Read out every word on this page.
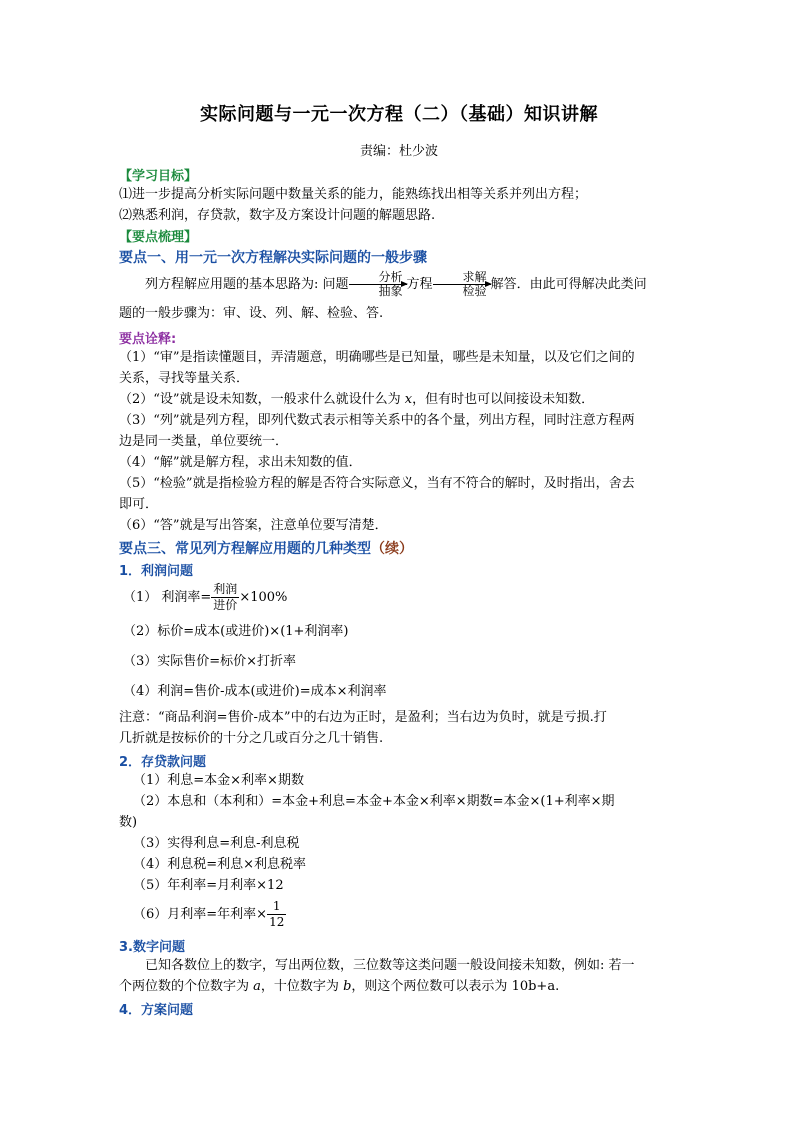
实际问题与一元一次方程（二）（基础）知识讲解
责编：杜少波
【学习目标】
⑴进一步提高分析实际问题中数量关系的能力，能熟练找出相等关系并列出方程；
⑵熟悉利润，存贷款，数字及方案设计问题的解题思路.
【要点梳理】
要点一、用一元一次方程解决实际问题的一般步骤
列方程解应用题的基本思路为: 问题	分析
抽象 方程	求解
检验 解答．由此可得解决此类问
题的一般步骤为：审、设、列、解、检验、答.
要点诠释:
（1）“审”是指读懂题目，弄清题意，明确哪些是已知量，哪些是未知量，以及它们之间的
关系，寻找等量关系．
（2）“设”就是设未知数，一般求什么就设什么为 x，但有时也可以间接设未知数．
（3）“列”就是列方程，即列代数式表示相等关系中的各个量，列出方程，同时注意方程两
边是同一类量，单位要统一．
（4）“解”就是解方程，求出未知数的值．
（5）“检验”就是指检验方程的解是否符合实际意义，当有不符合的解时，及时指出，舍去
即可．
（6）“答”就是写出答案，注意单位要写清楚．
要点三、常见列方程解应用题的几种类型（续）
1．利润问题
（1） 利润率= $\frac{\text{利润}}{\text{进价}} \times 100\%$
（2）标价=成本(或进价)×(1+利润率)
（3）实际售价=标价×打折率
（4）利润=售价-成本(或进价)=成本×利润率
注意：“商品利润=售价-成本”中的右边为正时，是盈利；当右边为负时，就是亏损.打
几折就是按标价的十分之几或百分之几十销售.
2．存贷款问题
（1）利息=本金×利率×期数
（2）本息和（本利和）=本金+利息=本金+本金×利率×期数=本金×(1+利率×期
数)
（3）实得利息=利息-利息税
（4）利息税=利息×利息税率
（5）年利率=月利率×12
（6）月利率=年利率× $\frac{1}{12}$
3.数字问题
已知各数位上的数字，写出两位数，三位数等这类问题一般设间接未知数，例如: 若一
个两位数的个位数字为 a，十位数字为 b，则这个两位数可以表示为 10b+a.
4．方案问题
